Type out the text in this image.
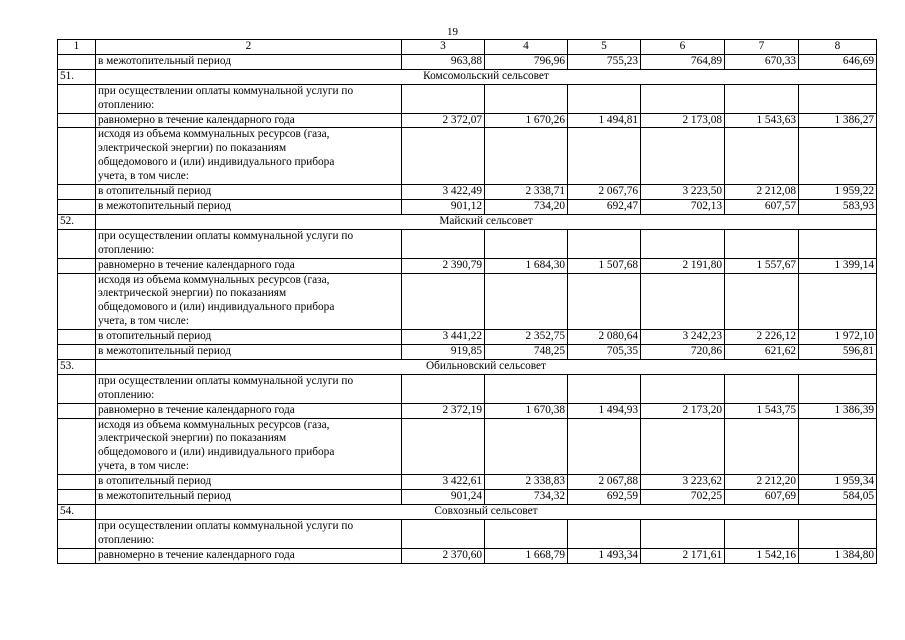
19
1	2	3	4	5	6	7	8
	в межотопительный период	963,88	796,96	755,23	764,89	670,33	646,69
51.	Комсомольский сельсовет						
	при осуществлении оплаты коммунальной услуги по
отоплению:						
	равномерно в течение календарного года	2 372,07	1 670,26	1 494,81	2 173,08	1 543,63	1 386,27
	исходя из объема коммунальных ресурсов (газа,
электрической энергии) по показаниям
общедомового и (или) индивидуального прибора
учета, в том числе:						
	в отопительный период	3 422,49	2 338,71	2 067,76	3 223,50	2 212,08	1 959,22
	в межотопительный период	901,12	734,20	692,47	702,13	607,57	583,93
52.	Майский сельсовет						
	при осуществлении оплаты коммунальной услуги по
отоплению:						
	равномерно в течение календарного года	2 390,79	1 684,30	1 507,68	2 191,80	1 557,67	1 399,14
	исходя из объема коммунальных ресурсов (газа,
электрической энергии) по показаниям
общедомового и (или) индивидуального прибора
учета, в том числе:						
	в отопительный период	3 441,22	2 352,75	2 080,64	3 242,23	2 226,12	1 972,10
	в межотопительный период	919,85	748,25	705,35	720,86	621,62	596,81
53.	Обильновский сельсовет						
	при осуществлении оплаты коммунальной услуги по
отоплению:						
	равномерно в течение календарного года	2 372,19	1 670,38	1 494,93	2 173,20	1 543,75	1 386,39
	исходя из объема коммунальных ресурсов (газа,
электрической энергии) по показаниям
общедомового и (или) индивидуального прибора
учета, в том числе:						
	в отопительный период	3 422,61	2 338,83	2 067,88	3 223,62	2 212,20	1 959,34
	в межотопительный период	901,24	734,32	692,59	702,25	607,69	584,05
54.	Совхозный сельсовет						
	при осуществлении оплаты коммунальной услуги по
отоплению:						
	равномерно в течение календарного года	2 370,60	1 668,79	1 493,34	2 171,61	1 542,16	1 384,80
